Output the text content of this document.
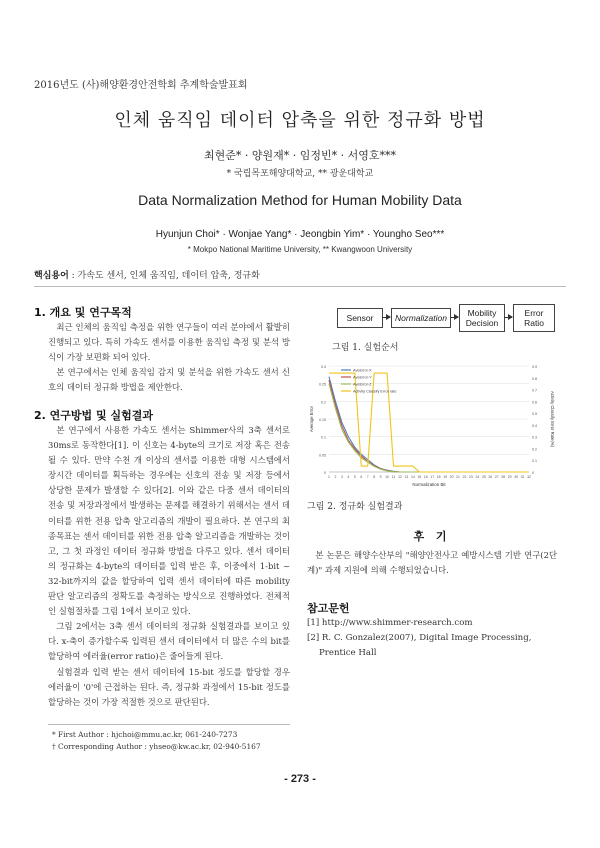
2016년도 (사)해양환경안전학회 추계학술발표회
인체 움직임 데이터 압축을 위한 정규화 방법
최현준* · 양원재* · 임정빈* · 서영호***
* 국립목포해양대학교, ** 광운대학교
Data Normalization Method for Human Mobility Data
Hyunjun Choi* · Wonjae Yang* · Jeongbin Yim* · Youngho Seo***
* Mokpo National Maritime University, ** Kwangwoon University
핵심용어 : 가속도 센서, 인체 움직임, 데이터 압축, 정규화
1. 개요 및 연구목적

최근 인체의 움직임 측정을 위한 연구들이 여러 분야에서 활발히 진행되고 있다. 특히 가속도 센서를 이용한 움직임 측정 및 분석 방식이 가장 보편화 되어 있다.

본 연구에서는 인체 움직임 감지 및 분석을 위한 가속도 센서 신호의 데이터 정규화 방법을 제안한다.

2. 연구방법 및 실험결과

본 연구에서 사용한 가속도 센서는 Shimmer사의 3축 센서로 30ms로 동작한다[1]. 이 신호는 4-byte의 크기로 저장 혹은 전송될 수 있다. 만약 수천 개 이상의 센서를 이용한 대형 시스템에서 장시간 데이터를 획득하는 경우에는 신호의 전송 및 저장 등에서 상당한 문제가 발생할 수 있다[2]. 이와 같은 다중 센서 데이터의 전송 및 저장과정에서 발생하는 문제를 해결하기 위해서는 센서 데이터를 위한 전용 압축 알고리즘의 개발이 필요하다. 본 연구의 최종목표는 센서 데이터를 위한 전용 압축 알고리즘을 개발하는 것이고, 그 첫 과정인 데이터 정규화 방법을 다루고 있다. 센서 데이터의 정규화는 4-byte의 데이터를 입력 받은 후, 이중에서 1-bit ~ 32-bit까지의 값을 할당하여 입력 센서 데이터에 따른 mobility 판단 알고리즘의 정확도를 측정하는 방식으로 진행하였다. 전체적인 실험절차를 그림 1에서 보이고 있다.

그림 2에서는 3축 센서 데이터의 정규화 실험결과를 보이고 있다. x-축이 증가할수록 입력된 센서 데이터에서 더 많은 수의 bit를 할당하여 에러율(error ratio)은 줄어들게 된다.

실험결과 입력 받는 센서 데이터에 15-bit 정도를 할당할 경우 에러율이 '0'에 근접하는 된다. 즉, 정규화 과정에서 15-bit 정도를 할당하는 것이 가장 적절한 것으로 판단된다.

* First Author : hjchoi@mmu.ac.kr, 061-240-7273
† Corresponding Author : yhseo@kw.ac.kr, 02-940-5167
Sensor	Normalization	Mobility Decision
Error Ratio
그림 1. 실험순서
0
0.05
0.1
0.15
0.2
0.25
0.3
0
0.1
0.2
0.3
0.4
0.5
0.6
0.7
0.8
0.9
1 2 3 4 5 6 7 8 9 10 11 12 13 14 15 16 17 18 19 20 21 22 23 24 25 26 27 28 29 30 31 32
Normalization Bit
Average Error	Activity Classify Error Rate(%)
AveError-X
AveError-Y
AveError-Z
Activity Classify Error rate
그림 2. 정규화 실험결과
후 기

본 논문은 해양수산부의 "해양안전사고 예방시스템 기반 연구(2단계)" 과제 지원에 의해 수행되었습니다.

참고문헌
[1] http://www.shimmer-research.com
[2] R. C. Gonzalez(2007), Digital Image Processing, Prentice Hall
- 273 -
